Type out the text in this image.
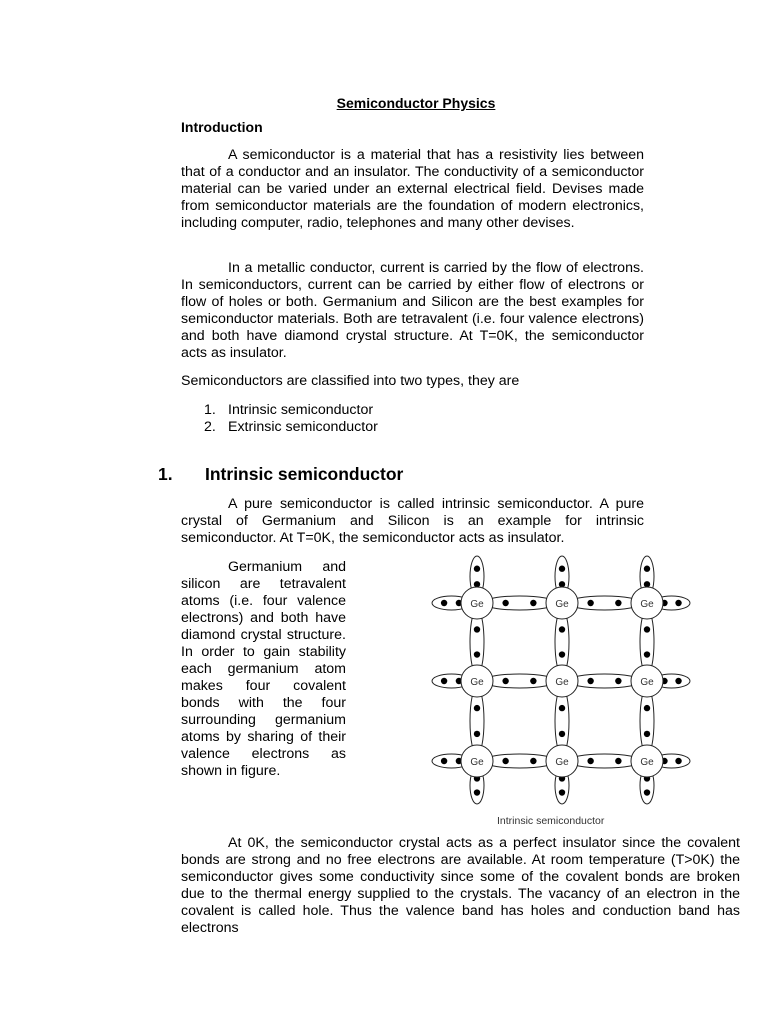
Semiconductor Physics
Introduction
A semiconductor is a material that has a resistivity lies between that of a conductor and an insulator. The conductivity of a semiconductor material can be varied under an external electrical field. Devises made from semiconductor materials are the foundation of modern electronics, including computer, radio, telephones and many other devises.
In a metallic conductor, current is carried by the flow of electrons. In semiconductors, current can be carried by either flow of electrons or flow of holes or both. Germanium and Silicon are the best examples for semiconductor materials. Both are tetravalent (i.e. four valence electrons) and both have diamond crystal structure. At T=0K, the semiconductor acts as insulator.
Semiconductors are classified into two types, they are
1. Intrinsic semiconductor
2. Extrinsic semiconductor
1. Intrinsic semiconductor
A pure semiconductor is called intrinsic semiconductor. A pure crystal of Germanium and Silicon is an example for intrinsic semiconductor. At T=0K, the semiconductor acts as insulator.
Germanium and silicon are tetravalent atoms (i.e. four valence electrons) and both have diamond crystal structure. In order to gain stability each germanium atom makes four covalent bonds with the four surrounding germanium atoms by sharing of their valence electrons as shown in figure.
Ge	Ge	Ge
Ge	Ge	Ge
Ge	Ge	Ge
Intrinsic semiconductor
At 0K, the semiconductor crystal acts as a perfect insulator since the covalent bonds are strong and no free electrons are available. At room temperature (T>0K) the semiconductor gives some conductivity since some of the covalent bonds are broken due to the thermal energy supplied to the crystals. The vacancy of an electron in the covalent is called hole. Thus the valence band has holes and conduction band has electrons
